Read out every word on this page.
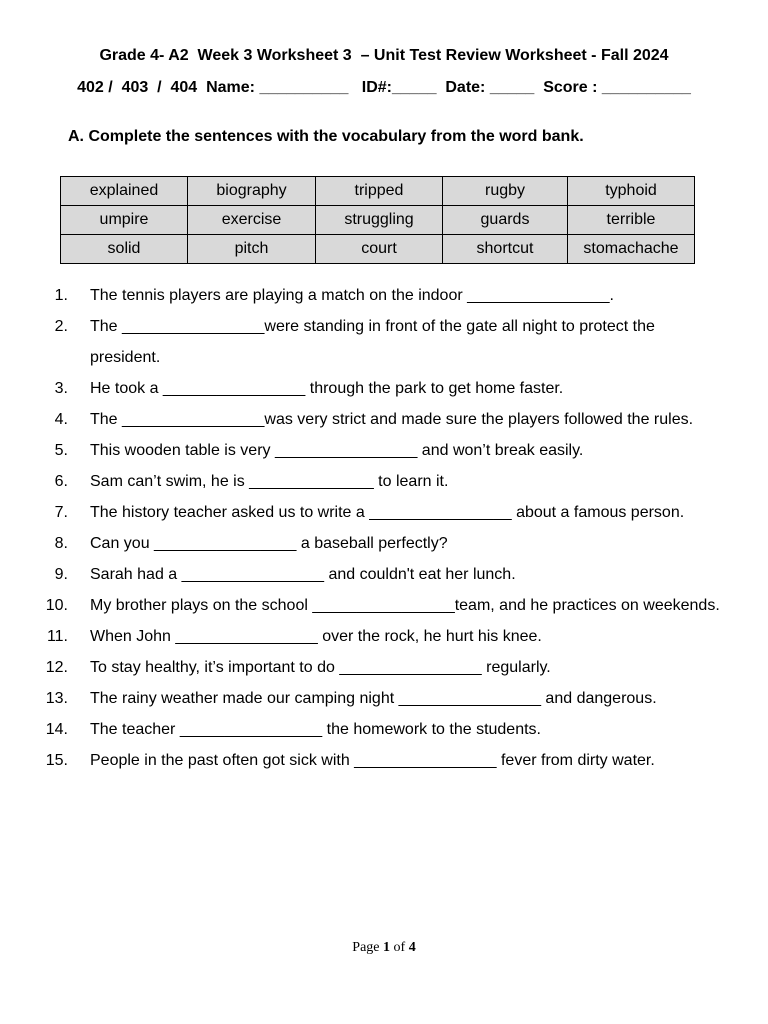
Grade 4- A2  Week 3 Worksheet 3  – Unit Test Review Worksheet - Fall 2024
402 /  403  /  404  Name: __________   ID#:_____  Date: _____  Score : __________
A. Complete the sentences with the vocabulary from the word bank.
explained	biography	tripped	rugby	typhoid
umpire	exercise	struggling	guards	terrible
solid	pitch	court	shortcut	stomachache
1. The tennis players are playing a match on the indoor ________________.
2. The ________________were standing in front of the gate all night to protect the president.
3. He took a ________________ through the park to get home faster.
4. The ________________was very strict and made sure the players followed the rules.
5. This wooden table is very ________________ and won’t break easily.
6. Sam can’t swim, he is ______________ to learn it.
7. The history teacher asked us to write a ________________ about a famous person.
8. Can you ________________ a baseball perfectly?
9. Sarah had a ________________ and couldn't eat her lunch.
10. My brother plays on the school ________________team, and he practices on weekends.
11. When John ________________ over the rock, he hurt his knee.
12. To stay healthy, it’s important to do ________________ regularly.
13. The rainy weather made our camping night ________________ and dangerous.
14. The teacher ________________ the homework to the students.
15. People in the past often got sick with ________________ fever from dirty water.
Page 1 of 4
